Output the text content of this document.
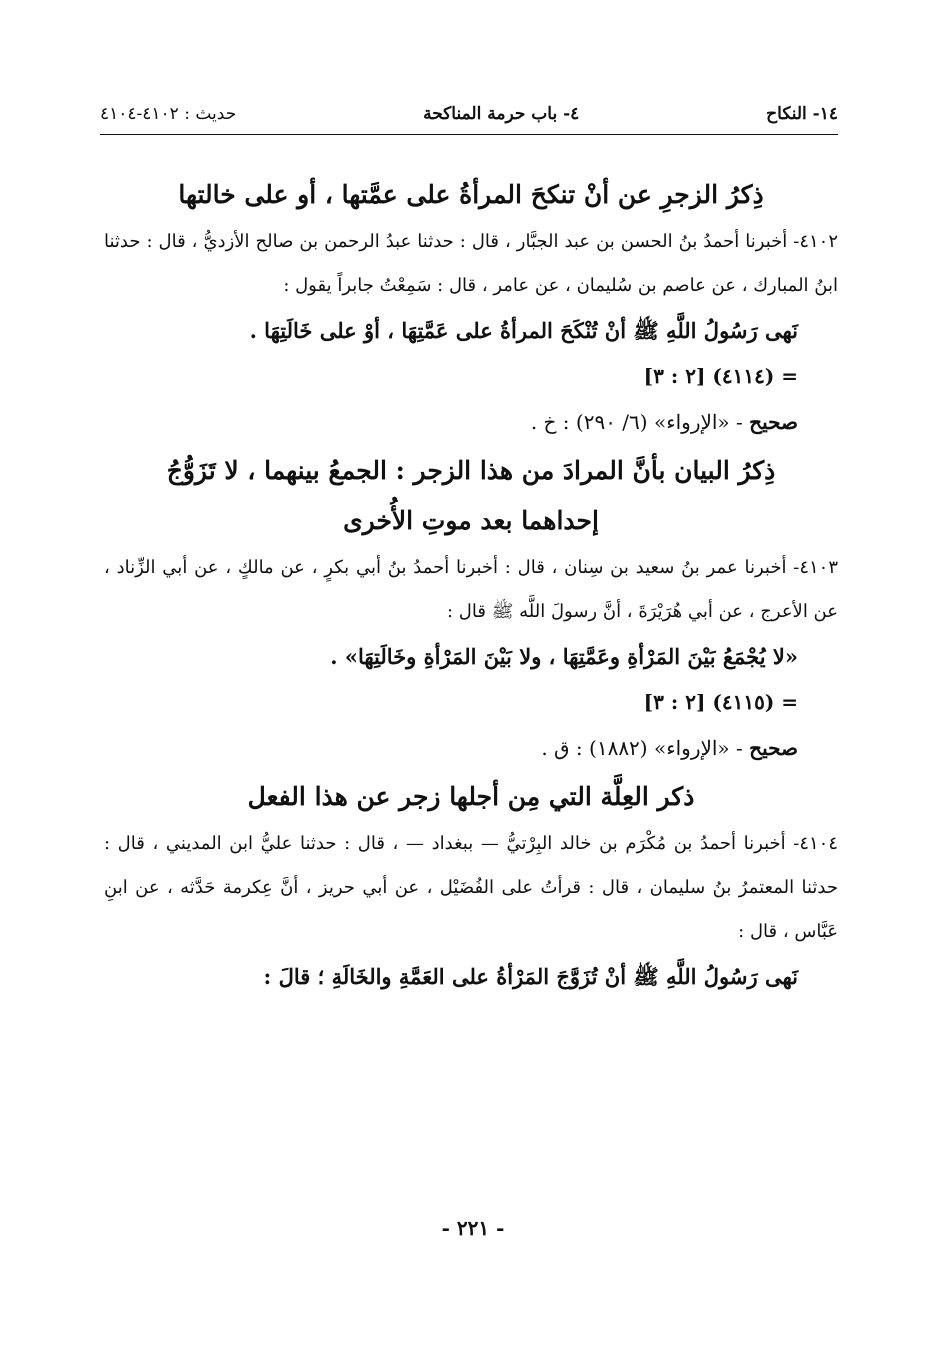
١٤- النكاح
٤- باب حرمة المناكحة
حديث : ٤١٠٢-٤١٠٤
ذِكرُ الزجرِ عن أنْ تنكحَ المرأةُ على عمَّتها ، أو على خالتها

٤١٠٢- أخبرنا أحمدُ بنُ الحسن بن عبد الجبَّار ، قال : حدثنا عبدُ الرحمن بن صالح الأزديُّ ، قال : حدثنا ابنُ المبارك ، عن عاصم بن سُليمان ، عن عامر ، قال : سَمِعْتُ جابراً يقول :

نَهى رَسُولُ اللَّهِ ﷺ أنْ تُنْكَحَ المرأةُ على عَمَّتِهَا ، أوْ على خَالَتِهَا .

= (٤١١٤) [٢ : ٣]

صحيح - «الإرواء» (٦/ ٢٩٠) : خ .

ذِكرُ البيان بأنَّ المرادَ من هذا الزجر : الجمعُ بينهما ، لا تَزَوُّجُ إحداهما بعد موتِ الأُخرى

٤١٠٣- أخبرنا عمر بنُ سعيد بن سِنان ، قال : أخبرنا أحمدُ بنُ أبي بكرٍ ، عن مالكٍ ، عن أبي الزِّناد ، عن الأعرج ، عن أبي هُرَيْرَةَ ، أنَّ رسولَ اللَّه ﷺ قال :

«لا يُجْمَعُ بَيْنَ المَرْأةِ وعَمَّتِهَا ، ولا بَيْنَ المَرْأةِ وخَالَتِهَا» .

= (٤١١٥) [٢ : ٣]

صحيح - «الإرواء» (١٨٨٢) : ق .

ذكر العِلَّة التي مِن أجلها زجر عن هذا الفعل

٤١٠٤- أخبرنا أحمدُ بن مُكْرَم بن خالد البِرْتيُّ — ببغداد — ، قال : حدثنا عليُّ ابن المديني ، قال : حدثنا المعتمرُ بنُ سليمان ، قال : قرأتُ على الفُضَيْل ، عن أبي حريز ، أنَّ عِكرمة حَدَّثه ، عن ابنِ عَبَّاس ، قال :

نَهى رَسُولُ اللَّهِ ﷺ أنْ تُزَوَّجَ المَرْأةُ على العَمَّةِ والخَالَةِ ؛ قالَ :

- ٢٢١ -
